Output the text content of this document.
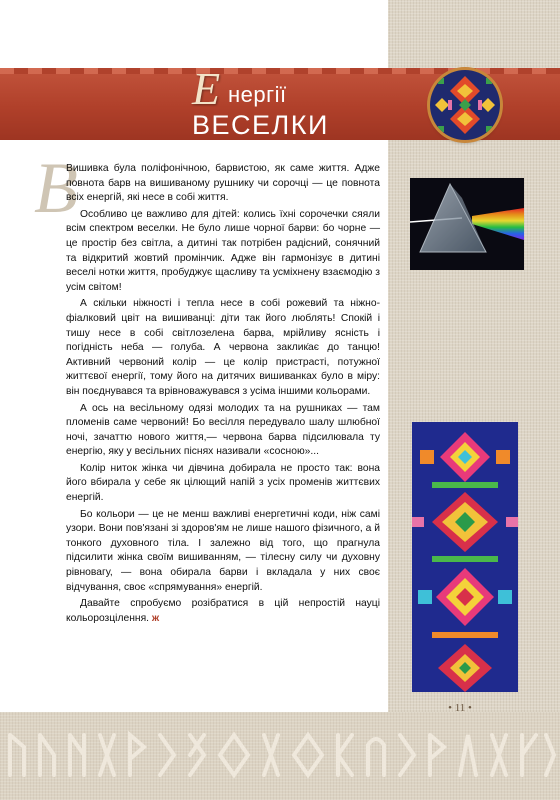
Е нергії
ВЕСЕЛКИ
В

Вишивка була поліфонічною, барвистою, як саме життя. Адже повнота барв на вишиваному рушнику чи сорочці — це повнота всіх енергій, які несе в собі життя.

Особливо це важливо для дітей: колись їхні сорочечки сяяли всім спектром веселки. Не було лише чорної барви: бо чорне — це простір без світла, а дитині так потрібен радісний, сонячний та відкритий жовтий промінчик. Адже він гармонізує в дитині веселі нотки життя, пробуджує щасливу та усміхнену взаємодію з усім світом!

А скільки ніжності і тепла несе в собі рожевий та ніжно-фіалковий цвіт на вишиванці: діти так його люблять! Спокій і тишу несе в собі світлозелена барва, мрійливу ясність і погідність неба — голуба. А червона заклик̇ає до танцю! Активний червоний колір — це колір пристрасті, потужної життєвої енергії, тому його на дитячих вишиванках було в міру: він поєднувався та врівноважувався з усіма іншими кольорами.

А ось на весільному одязі молодих та на рушниках — там пломенів саме червоний! Бо весілля передувало шалу шлюбної ночі, зачаттю нового життя,— червона барва підсилювала ту енергію, яку у весільних піснях називали «сосною»...

Колір ниток жінка чи дівчина добирала не просто так: вона його вбирала у себе як цілющий напій з усіх променів життєвих енергій.

Бо кольори — це не менш важливі енергетичні коди, ніж самі узори. Вони пов'язані зі здоров'ям не лише нашого фізичного, а й тонкого духовного тіла. І залежно від того, що прагнула підсилити жінка своїм вишиванням, — тілесну силу чи духовну рівновагу, — вона обирала барви і вкладала у них своє відчування, своє «спрямування» енергій.

Давайте спробуємо розібратися в цій непростій науці кольорозцілення. ж

• 11 •
